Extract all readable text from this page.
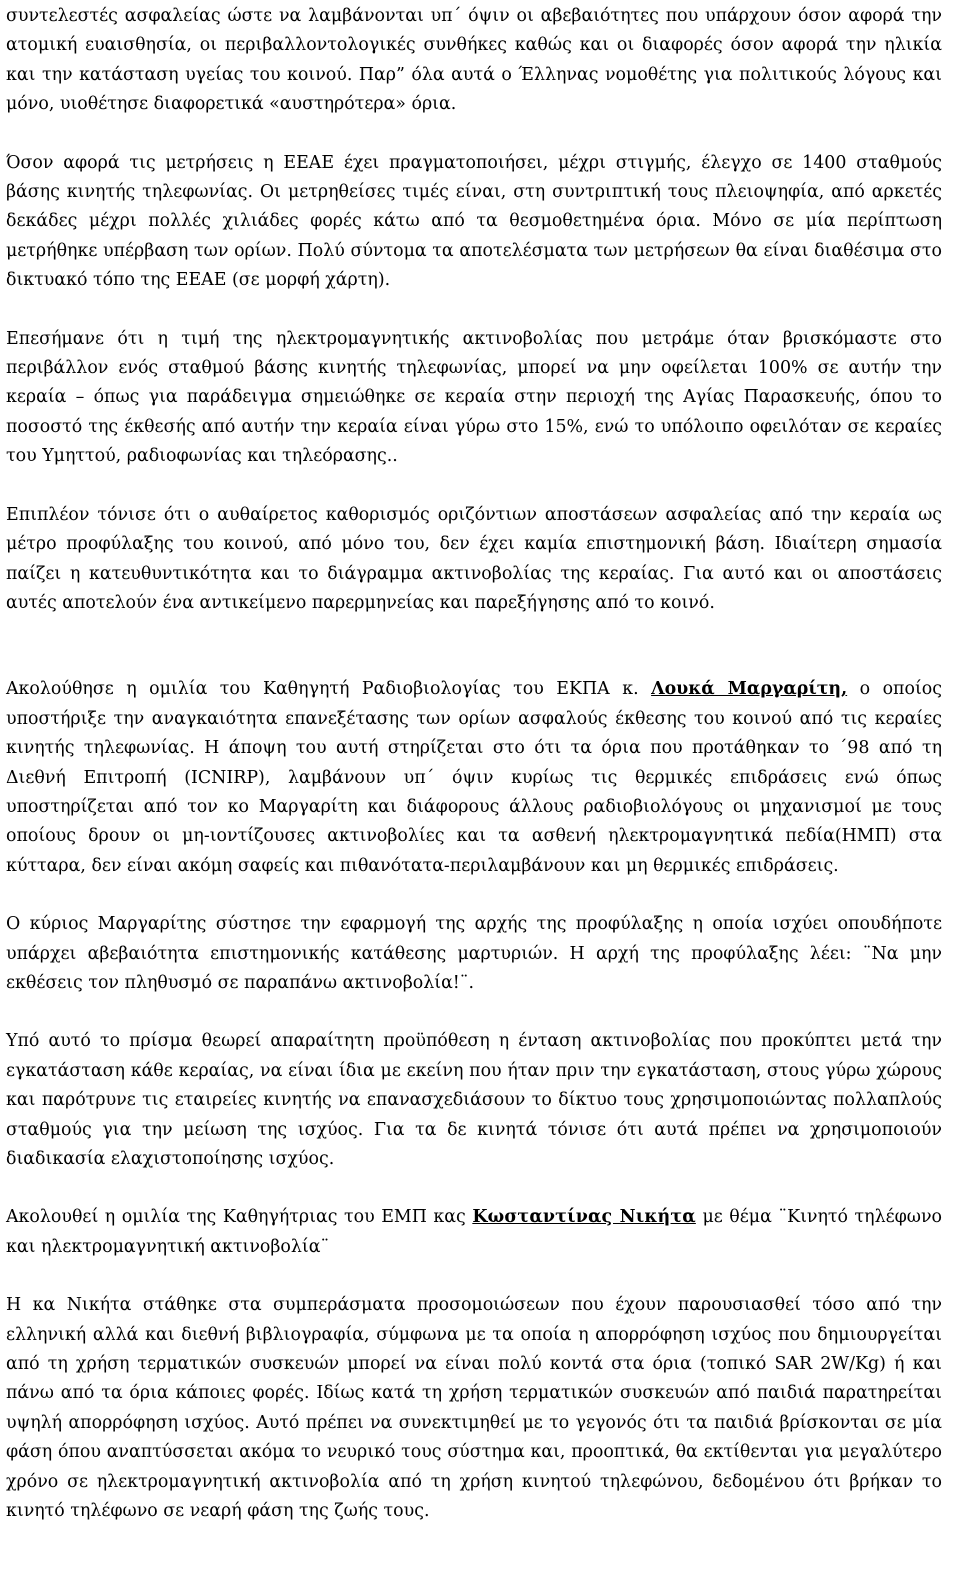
συντελεστές ασφαλείας ώστε να λαμβάνονται υπ΄ όψιν οι αβεβαιότητες που υπάρχουν όσον αφορά την ατομική ευαισθησία, οι περιβαλλοντολογικές συνθήκες καθώς και οι διαφορές όσον αφορά την ηλικία και την κατάσταση υγείας του κοινού. Παρ” όλα αυτά ο Έλληνας νομοθέτης για πολιτικούς λόγους και μόνο, υιοθέτησε διαφορετικά «αυστηρότερα» όρια.

Όσον αφορά τις μετρήσεις η ΕΕΑΕ έχει πραγματοποιήσει, μέχρι στιγμής, έλεγχο σε 1400 σταθμούς βάσης κινητής τηλεφωνίας. Οι μετρηθείσες τιμές είναι, στη συντριπτική τους πλειοψηφία, από αρκετές δεκάδες μέχρι πολλές χιλιάδες φορές κάτω από τα θεσμοθετημένα όρια. Μόνο σε μία περίπτωση μετρήθηκε υπέρβαση των ορίων. Πολύ σύντομα τα αποτελέσματα των μετρήσεων θα είναι διαθέσιμα στο δικτυακό τόπο της ΕΕΑΕ (σε μορφή χάρτη).

Επεσήμανε ότι η τιμή της ηλεκτρομαγνητικής ακτινοβολίας που μετράμε όταν βρισκόμαστε στο περιβάλλον ενός σταθμού βάσης κινητής τηλεφωνίας, μπορεί να μην οφείλεται 100% σε αυτήν την κεραία – όπως για παράδειγμα σημειώθηκε σε κεραία στην περιοχή της Αγίας Παρασκευής, όπου το ποσοστό της έκθεσής από αυτήν την κεραία είναι γύρω στο 15%, ενώ το υπόλοιπο οφειλόταν σε κεραίες του Υμηττού, ραδιοφωνίας και τηλεόρασης..

Επιπλέον τόνισε ότι ο αυθαίρετος καθορισμός οριζόντιων αποστάσεων ασφαλείας από την κεραία ως μέτρο προφύλαξης του κοινού, από μόνο του, δεν έχει καμία επιστημονική βάση. Ιδιαίτερη σημασία παίζει η κατευθυντικότητα και το διάγραμμα ακτινοβολίας της κεραίας. Για αυτό και οι αποστάσεις αυτές αποτελούν ένα αντικείμενο παρερμηνείας και παρεξήγησης από το κοινό.

Ακολούθησε η ομιλία του Καθηγητή Ραδιοβιολογίας του ΕΚΠΑ κ. Λουκά Μαργαρίτη, ο οποίος υποστήριξε την αναγκαιότητα επανεξέτασης των ορίων ασφαλούς έκθεσης του κοινού από τις κεραίες κινητής τηλεφωνίας. Η άποψη του αυτή στηρίζεται στο ότι τα όρια που προτάθηκαν το ΄98 από τη Διεθνή Επιτροπή (ICNIRP), λαμβάνουν υπ΄ όψιν κυρίως τις θερμικές επιδράσεις ενώ όπως υποστηρίζεται από τον κο Μαργαρίτη και διάφορους άλλους ραδιοβιολόγους οι μηχανισμοί με τους οποίους δρουν οι μη-ιοντίζουσες ακτινοβολίες και τα ασθενή ηλεκτρομαγνητικά πεδία(ΗΜΠ) στα κύτταρα, δεν είναι ακόμη σαφείς και πιθανότατα-περιλαμβάνουν και μη θερμικές επιδράσεις.

Ο κύριος Μαργαρίτης σύστησε την εφαρμογή της αρχής της προφύλαξης η οποία ισχύει οπουδήποτε υπάρχει αβεβαιότητα επιστημονικής κατάθεσης μαρτυριών. Η αρχή της προφύλαξης λέει: ¨Να μην εκθέσεις τον πληθυσμό σε παραπάνω ακτινοβολία!¨.

Υπό αυτό το πρίσμα θεωρεί απαραίτητη προϋπόθεση η ένταση ακτινοβολίας που προκύπτει μετά την εγκατάσταση κάθε κεραίας, να είναι ίδια με εκείνη που ήταν πριν την εγκατάσταση, στους γύρω χώρους και παρότρυνε τις εταιρείες κινητής να επανασχεδιάσουν το δίκτυο τους χρησιμοποιώντας πολλαπλούς σταθμούς για την μείωση της ισχύος. Για τα δε κινητά τόνισε ότι αυτά πρέπει να χρησιμοποιούν διαδικασία ελαχιστοποίησης ισχύος.

Ακολουθεί η ομιλία της Καθηγήτριας του ΕΜΠ κας Κωσταντίνας Νικήτα με θέμα ¨Κινητό τηλέφωνο και ηλεκτρομαγνητική ακτινοβολία¨

Η κα Νικήτα στάθηκε στα συμπεράσματα προσομοιώσεων που έχουν παρουσιασθεί τόσο από την ελληνική αλλά και διεθνή βιβλιογραφία, σύμφωνα με τα οποία η απορρόφηση ισχύος που δημιουργείται από τη χρήση τερματικών συσκευών μπορεί να είναι πολύ κοντά στα όρια (τοπικό SAR 2W/Kg) ή και πάνω από τα όρια κάποιες φορές. Ιδίως κατά τη χρήση τερματικών συσκευών από παιδιά παρατηρείται υψηλή απορρόφηση ισχύος. Αυτό πρέπει να συνεκτιμηθεί με το γεγονός ότι τα παιδιά βρίσκονται σε μία φάση όπου αναπτύσσεται ακόμα το νευρικό τους σύστημα και, προοπτικά, θα εκτίθενται για μεγαλύτερο χρόνο σε ηλεκτρομαγνητική ακτινοβολία από τη χρήση κινητού τηλεφώνου, δεδομένου ότι βρήκαν το κινητό τηλέφωνο σε νεαρή φάση της ζωής τους.
